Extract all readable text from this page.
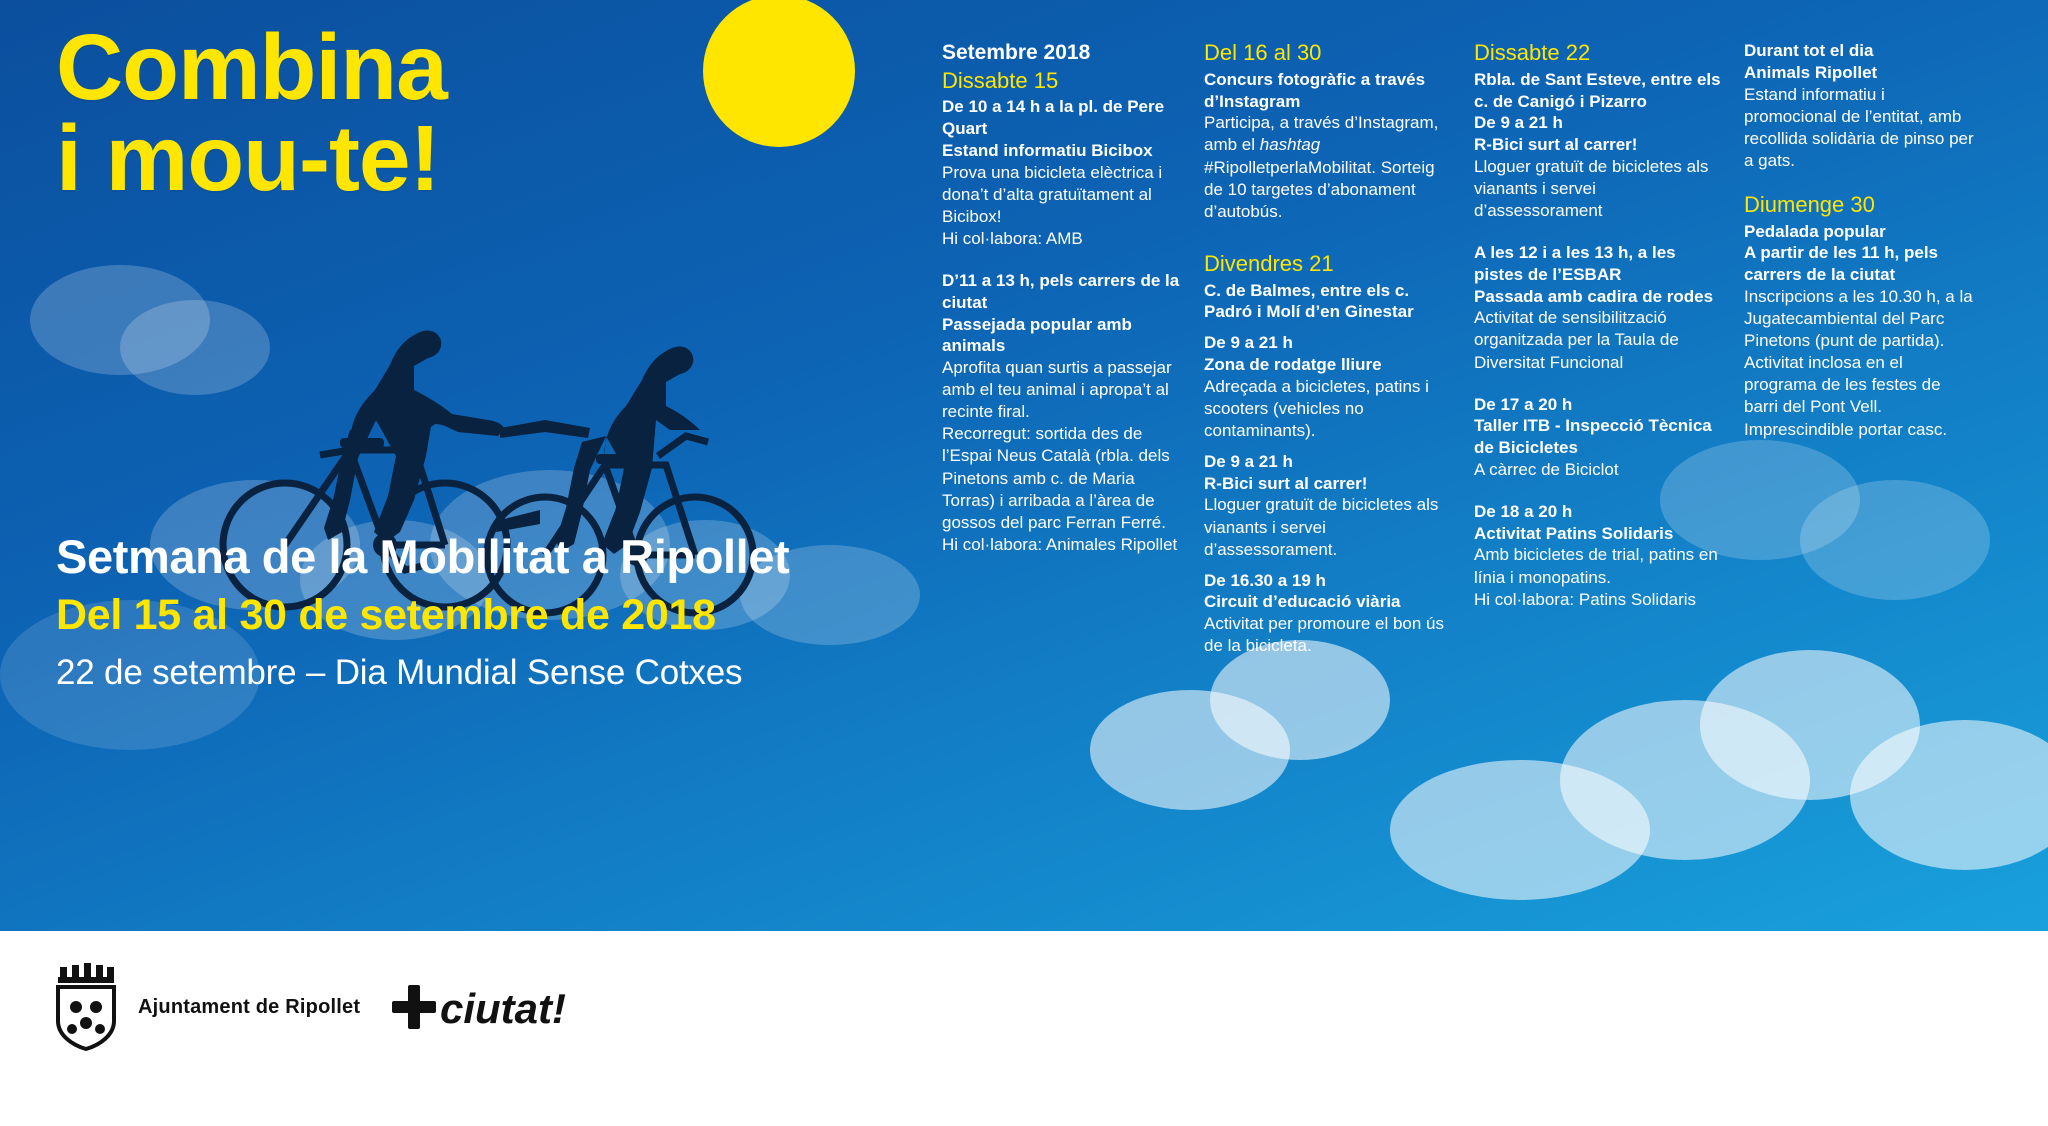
Combina
i mou-te!
Setmana de la Mobilitat a Ripollet
Del 15 al 30 de setembre de 2018
22 de setembre – Dia Mundial Sense Cotxes
Setembre 2018
Dissabte 15
De 10 a 14 h a la pl. de Pere Quart
Estand informatiu Bicibox
Prova una bicicleta elèctrica i dona’t d’alta gratuïtament al Bicibox!
Hi col·labora: AMB
D’11 a 13 h, pels carrers de la ciutat
Passejada popular amb animals
Aprofita quan surtis a passejar amb el teu animal i apropa’t al recinte firal.
Recorregut: sortida des de l’Espai Neus Català (rbla. dels Pinetons amb c. de Maria Torras) i arribada a l’àrea de gossos del parc Ferran Ferré.
Hi col·labora: Animales Ripollet
Del 16 al 30
Concurs fotogràfic a través d’Instagram
Participa, a través d’Instagram, amb el hashtag #RipolletperlaMobilitat. Sorteig de 10 targetes d’abonament d’autobús.
Divendres 21
C. de Balmes, entre els c. Padró i Molí d’en Ginestar
De 9 a 21 h
Zona de rodatge lliure
Adreçada a bicicletes, patins i scooters (vehicles no contaminants).
De 9 a 21 h
R-Bici surt al carrer!
Lloguer gratuït de bicicletes als vianants i servei d’assessorament.
De 16.30 a 19 h
Circuit d’educació viària
Activitat per promoure el bon ús de la bicicleta.
Dissabte 22
Rbla. de Sant Esteve, entre els c. de Canigó i Pizarro
De 9 a 21 h
R-Bici surt al carrer!
Lloguer gratuït de bicicletes als vianants i servei d’assessorament
A les 12 i a les 13 h, a les pistes de l’ESBAR
Passada amb cadira de rodes
Activitat de sensibilització organitzada per la Taula de Diversitat Funcional
De 17 a 20 h
Taller ITB - Inspecció Tècnica de Bicicletes
A càrrec de Biciclot
De 18 a 20 h
Activitat Patins Solidaris
Amb bicicletes de trial, patins en línia i monopatins.
Hi col·labora: Patins Solidaris
Durant tot el dia
Animals Ripollet
Estand informatiu i promocional de l’entitat, amb recollida solidària de pinso per a gats.
Diumenge 30
Pedalada popular
A partir de les 11 h, pels carrers de la ciutat
Inscripcions a les 10.30 h, a la Jugatecambiental del Parc Pinetons (punt de partida). Activitat inclosa en el programa de les festes de barri del Pont Vell. Imprescindible portar casc.
Ajuntament de Ripollet ciutat!
